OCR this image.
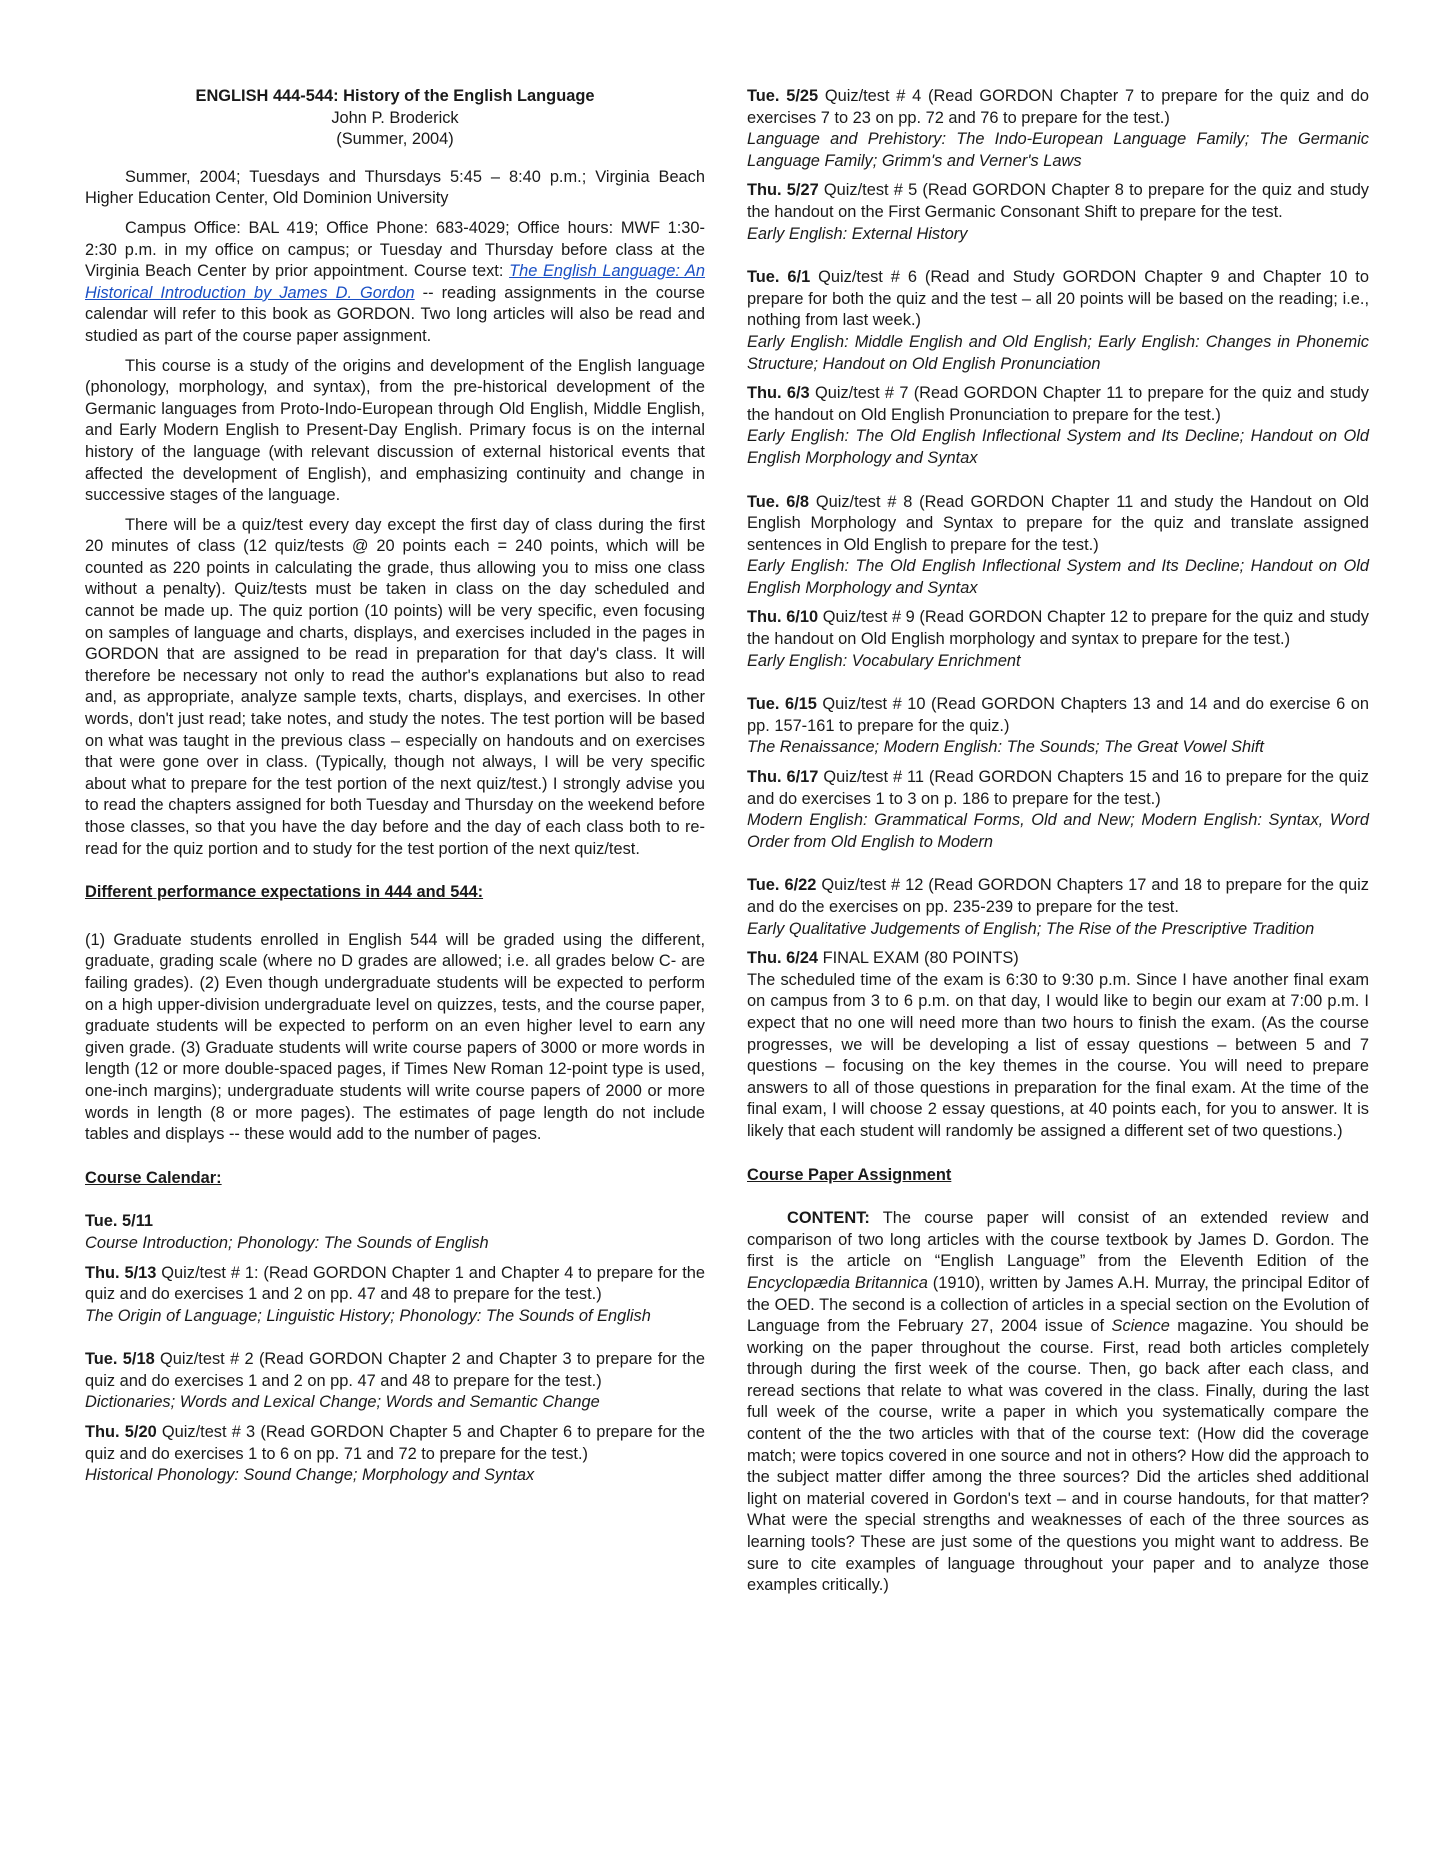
ENGLISH 444-544: History of the English Language

John P. Broderick

(Summer, 2004)

Summer, 2004; Tuesdays and Thursdays 5:45 – 8:40 p.m.; Virginia Beach Higher Education Center, Old Dominion University

Campus Office: BAL 419; Office Phone: 683-4029; Office hours: MWF 1:30-2:30 p.m. in my office on campus; or Tuesday and Thursday before class at the Virginia Beach Center by prior appointment. Course text: The English Language: An Historical Introduction by James D. Gordon -- reading assignments in the course calendar will refer to this book as GORDON. Two long articles will also be read and studied as part of the course paper assignment.

This course is a study of the origins and development of the English language (phonology, morphology, and syntax), from the pre-historical development of the Germanic languages from Proto-Indo-European through Old English, Middle English, and Early Modern English to Present-Day English. Primary focus is on the internal history of the language (with relevant discussion of external historical events that affected the development of English), and emphasizing continuity and change in successive stages of the language.

There will be a quiz/test every day except the first day of class during the first 20 minutes of class (12 quiz/tests @ 20 points each = 240 points, which will be counted as 220 points in calculating the grade, thus allowing you to miss one class without a penalty). Quiz/tests must be taken in class on the day scheduled and cannot be made up. The quiz portion (10 points) will be very specific, even focusing on samples of language and charts, displays, and exercises included in the pages in GORDON that are assigned to be read in preparation for that day's class. It will therefore be necessary not only to read the author's explanations but also to read and, as appropriate, analyze sample texts, charts, displays, and exercises. In other words, don't just read; take notes, and study the notes. The test portion will be based on what was taught in the previous class – especially on handouts and on exercises that were gone over in class. (Typically, though not always, I will be very specific about what to prepare for the test portion of the next quiz/test.) I strongly advise you to read the chapters assigned for both Tuesday and Thursday on the weekend before those classes, so that you have the day before and the day of each class both to re-read for the quiz portion and to study for the test portion of the next quiz/test.

Different performance expectations in 444 and 544:

(1) Graduate students enrolled in English 544 will be graded using the different, graduate, grading scale (where no D grades are allowed; i.e. all grades below C- are failing grades). (2) Even though undergraduate students will be expected to perform on a high upper-division undergraduate level on quizzes, tests, and the course paper, graduate students will be expected to perform on an even higher level to earn any given grade. (3) Graduate students will write course papers of 3000 or more words in length (12 or more double-spaced pages, if Times New Roman 12-point type is used, one-inch margins); undergraduate students will write course papers of 2000 or more words in length (8 or more pages). The estimates of page length do not include tables and displays -- these would add to the number of pages.

Course Calendar:

Tue. 5/11

Course Introduction; Phonology: The Sounds of English

Thu. 5/13 Quiz/test # 1: (Read GORDON Chapter 1 and Chapter 4 to prepare for the quiz and do exercises 1 and 2 on pp. 47 and 48 to prepare for the test.)

The Origin of Language; Linguistic History; Phonology: The Sounds of English

Tue. 5/18 Quiz/test # 2 (Read GORDON Chapter 2 and Chapter 3 to prepare for the quiz and do exercises 1 and 2 on pp. 47 and 48 to prepare for the test.)

Dictionaries; Words and Lexical Change; Words and Semantic Change

Thu. 5/20 Quiz/test # 3 (Read GORDON Chapter 5 and Chapter 6 to prepare for the quiz and do exercises 1 to 6 on pp. 71 and 72 to prepare for the test.)

Historical Phonology: Sound Change; Morphology and Syntax

Tue. 5/25 Quiz/test # 4 (Read GORDON Chapter 7 to prepare for the quiz and do exercises 7 to 23 on pp. 72 and 76 to prepare for the test.)

Language and Prehistory: The Indo-European Language Family; The Germanic Language Family; Grimm's and Verner's Laws

Thu. 5/27 Quiz/test # 5 (Read GORDON Chapter 8 to prepare for the quiz and study the handout on the First Germanic Consonant Shift to prepare for the test.

Early English: External History

Tue. 6/1 Quiz/test # 6 (Read and Study GORDON Chapter 9 and Chapter 10 to prepare for both the quiz and the test – all 20 points will be based on the reading; i.e., nothing from last week.)

Early English: Middle English and Old English; Early English: Changes in Phonemic Structure; Handout on Old English Pronunciation

Thu. 6/3 Quiz/test # 7 (Read GORDON Chapter 11 to prepare for the quiz and study the handout on Old English Pronunciation to prepare for the test.)

Early English: The Old English Inflectional System and Its Decline; Handout on Old English Morphology and Syntax

Tue. 6/8 Quiz/test # 8 (Read GORDON Chapter 11 and study the Handout on Old English Morphology and Syntax to prepare for the quiz and translate assigned sentences in Old English to prepare for the test.)

Early English: The Old English Inflectional System and Its Decline; Handout on Old English Morphology and Syntax

Thu. 6/10 Quiz/test # 9 (Read GORDON Chapter 12 to prepare for the quiz and study the handout on Old English morphology and syntax to prepare for the test.)

Early English: Vocabulary Enrichment

Tue. 6/15 Quiz/test # 10 (Read GORDON Chapters 13 and 14 and do exercise 6 on pp. 157-161 to prepare for the quiz.)

The Renaissance; Modern English: The Sounds; The Great Vowel Shift

Thu. 6/17 Quiz/test # 11 (Read GORDON Chapters 15 and 16 to prepare for the quiz and do exercises 1 to 3 on p. 186 to prepare for the test.)

Modern English: Grammatical Forms, Old and New; Modern English: Syntax, Word Order from Old English to Modern

Tue. 6/22 Quiz/test # 12 (Read GORDON Chapters 17 and 18 to prepare for the quiz and do the exercises on pp. 235-239 to prepare for the test.

Early Qualitative Judgements of English; The Rise of the Prescriptive Tradition

Thu. 6/24 FINAL EXAM (80 POINTS)

The scheduled time of the exam is 6:30 to 9:30 p.m. Since I have another final exam on campus from 3 to 6 p.m. on that day, I would like to begin our exam at 7:00 p.m. I expect that no one will need more than two hours to finish the exam. (As the course progresses, we will be developing a list of essay questions – between 5 and 7 questions – focusing on the key themes in the course. You will need to prepare answers to all of those questions in preparation for the final exam. At the time of the final exam, I will choose 2 essay questions, at 40 points each, for you to answer. It is likely that each student will randomly be assigned a different set of two questions.)

Course Paper Assignment

CONTENT: The course paper will consist of an extended review and comparison of two long articles with the course textbook by James D. Gordon. The first is the article on “English Language” from the Eleventh Edition of the Encyclopædia Britannica (1910), written by James A.H. Murray, the principal Editor of the OED. The second is a collection of articles in a special section on the Evolution of Language from the February 27, 2004 issue of Science magazine. You should be working on the paper throughout the course. First, read both articles completely through during the first week of the course. Then, go back after each class, and reread sections that relate to what was covered in the class. Finally, during the last full week of the course, write a paper in which you systematically compare the content of the the two articles with that of the course text: (How did the coverage match; were topics covered in one source and not in others? How did the approach to the subject matter differ among the three sources? Did the articles shed additional light on material covered in Gordon's text – and in course handouts, for that matter? What were the special strengths and weaknesses of each of the three sources as learning tools? These are just some of the questions you might want to address. Be sure to cite examples of language throughout your paper and to analyze those examples critically.)
